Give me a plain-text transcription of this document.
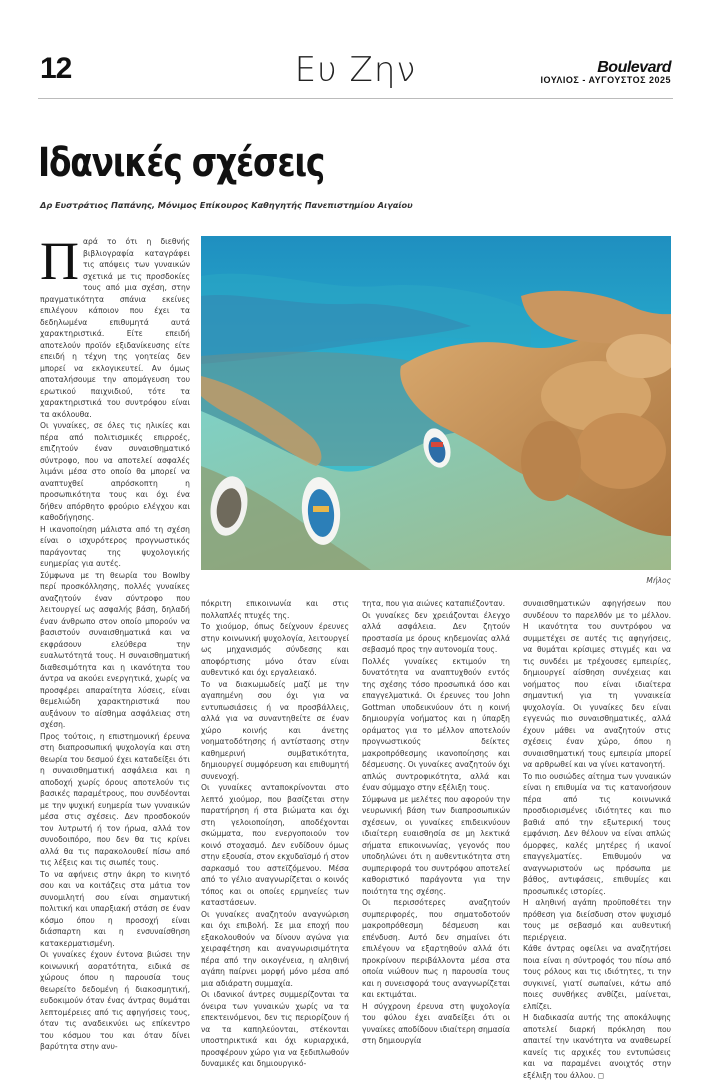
12	Eυ Ζην	Boulevard
ΙΟΥΛΙΟΣ - ΑΥΓΟΥΣΤΟΣ 2025
Ιδανικές σχέσεις
Δρ Ευστράτιος Παπάνης, Μόνιμος Επίκουρος Καθηγητής Πανεπιστημίου Αιγαίου
Μήλος
Π αρά το ότι η διεθνής βιβλιογραφία καταγράφει τις απόψεις των γυναικών σχετικά με τις προσδοκίες τους από μια σχέση, στην πραγματικότητα σπάνια εκείνες επιλέγουν κάποιον που έχει τα δεδηλωμένα επιθυμητά αυτά χαρακτηριστικά. Είτε επειδή αποτελούν προϊόν εξιδανίκευσης είτε επειδή η τέχνη της γοητείας δεν μπορεί να εκλογικευτεί. Αν όμως αποταλήσουμε την απομάγευση του ερωτικού παιχνιδιού, τότε τα χαρακτηριστικά του συντρόφου είναι τα ακόλουθα.

Οι γυναίκες, σε όλες τις ηλικίες και πέρα από πολιτισμικές επιρροές, επιζητούν έναν συναισθηματικό σύντροφο, που να αποτελεί ασφαλές λιμάνι μέσα στο οποίο θα μπορεί να αναπτυχθεί απρόσκοπτη η προσωπικότητα τους και όχι ένα δήθεν απόρθητο φρούριο ελέγχου και καθοδήγησης.

Η ικανοποίηση μάλιστα από τη σχέση είναι ο ισχυρότερος προγνωστικός παράγοντας της ψυχολογικής ευημερίας για αυτές.

Σύμφωνα με τη θεωρία του Bowlby περί προσκόλλησης, πολλές γυναίκες αναζητούν έναν σύντροφο που λειτουργεί ως ασφαλής βάση, δηλαδή έναν άνθρωπο στον οποίο μπορούν να βασιστούν συναισθηματικά και να εκφράσουν ελεύθερα την ευαλωτότητά τους. Η συναισθηματική διαθεσιμότητα και η ικανότητα του άντρα να ακούει ενεργητικά, χωρίς να προσφέρει απαραίτητα λύσεις, είναι θεμελιώδη χαρακτηριστικά που αυξάνουν το αίσθημα ασφάλειας στη σχέση.

Προς τούτοις, η επιστημονική έρευνα στη διαπροσωπική ψυχολογία και στη θεωρία του δεσμού έχει καταδείξει ότι η συναισθηματική ασφάλεια και η αποδοχή χωρίς όρους αποτελούν τις βασικές παραμέτρους, που συνδέονται με την ψυχική ευημερία των γυναικών μέσα στις σχέσεις. Δεν προσδοκούν τον λυτρωτή ή τον ήρωα, αλλά τον συνοδοιπόρο, που δεν θα τις κρίνει αλλά θα τις παρακολουθεί πίσω από τις λέξεις και τις σιωπές τους.

Το να αφήνεις στην άκρη το κινητό σου και να κοιτάζεις στα μάτια τον συνομιλητή σου είναι σημαντική πολιτική και υπαρξιακή στάση σε έναν κόσμο όπου η προσοχή είναι διάσπαρτη και η ενσυναίσθηση κατακερματισμένη.

Οι γυναίκες έχουν έντονα βιώσει την κοινωνική αορατότητα, ειδικά σε χώρους όπου η παρουσία τους θεωρείτο δεδομένη ή διακοσμητική, ευδοκιμούν όταν ένας άντρας θυμάται λεπτομέρειες από τις αφηγήσεις τους, όταν τις αναδεικνύει ως επίκεντρο του κόσμου του και όταν δίνει βαρύτητα στην ανυ-

πόκριτη επικοινωνία και στις πολλαπλές πτυχές της.

Το χιούμορ, όπως δείχνουν έρευνες στην κοινωνική ψυχολογία, λειτουργεί ως μηχανισμός σύνδεσης και αποφόρτισης μόνο όταν είναι αυθεντικό και όχι εργαλειακό.

Το να διακωμωδείς μαζί με την αγαπημένη σου όχι για να εντυπωσιάσεις ή να προσβάλλεις, αλλά για να συναντηθείτε σε έναν χώρο κοινής και άνετης νοηματοδότησης ή αντίστασης στην καθημερινή συμβατικότητα, δημιουργεί συμφόρευση και επιθυμητή συνενοχή.

Οι γυναίκες ανταποκρίνονται στο λεπτό χιούμορ, που βασίζεται στην παρατήρηση ή στα βιώματα και όχι στη γελοιοποίηση, αποδέχονται σκώμματα, που ενεργοποιούν τον κοινό στοχασμό. Δεν ενδίδουν όμως στην εξουσία, στον εκχυδαϊσμό ή στον σαρκασμό του αστεϊζόμενου. Μέσα από το γέλιο αναγνωρίζεται ο κοινός τόπος και οι οποίες ερμηνείες των καταστάσεων.

Οι γυναίκες αναζητούν αναγνώριση και όχι επιβολή. Σε μια εποχή που εξακολουθούν να δίνουν αγώνα για χειραφέτηση και αναγνωρισιμότητα πέρα από την οικογένεια, η αληθινή αγάπη παίρνει μορφή μόνο μέσα από μια αδιάρατη συμμαχία.

Οι ιδανικοί άντρες συμμερίζονται τα όνειρα των γυναικών χωρίς να τα επεκτεινόμενοι, δεν τις περιορίζουν ή να τα καπηλεύονται, στέκονται υποστηρικτικά και όχι κυριαρχικά, προσφέρουν χώρο για να ξεδιπλωθούν δυναμικές και δημιουργικό-

τητα, που για αιώνες καταπιέζονταν.

Οι γυναίκες δεν χρειάζονται έλεγχο αλλά ασφάλεια. Δεν ζητούν προστασία με όρους κηδεμονίας αλλά σεβασμό προς την αυτονομία τους.

Πολλές γυναίκες εκτιμούν τη δυνατότητα να αναπτυχθούν εντός της σχέσης τόσο προσωπικά όσο και επαγγελματικά. Οι έρευνες του John Gottman υποδεικνύουν ότι η κοινή δημιουργία νοήματος και η ύπαρξη οράματος για το μέλλον αποτελούν προγνωστικούς δείκτες μακροπρόθεσμης ικανοποίησης και δέσμευσης. Οι γυναίκες αναζητούν όχι απλώς συντροφικότητα, αλλά και έναν σύμμαχο στην εξέλιξη τους.

Σύμφωνα με μελέτες που αφορούν την νευρωνική βάση των διαπροσωπικών σχέσεων, οι γυναίκες επιδεικνύουν ιδιαίτερη ευαισθησία σε μη λεκτικά σήματα επικοινωνίας, γεγονός που υποδηλώνει ότι η αυθεντικότητα στη συμπεριφορά του συντρόφου αποτελεί καθοριστικό παράγοντα για την ποιότητα της σχέσης.

Οι περισσότερες αναζητούν συμπεριφορές, που σηματοδοτούν μακροπρόθεσμη δέσμευση και επένδυση. Αυτό δεν σημαίνει ότι επιλέγουν να εξαρτηθούν αλλά ότι προκρίνουν περιβάλλοντα μέσα στα οποία νιώθουν πως η παρουσία τους και η συνεισφορά τους αναγνωρίζεται και εκτιμάται.

Η σύγχρονη έρευνα στη ψυχολογία του φύλου έχει αναδείξει ότι οι γυναίκες αποδίδουν ιδιαίτερη σημασία στη δημιουργία

συναισθηματικών αφηγήσεων που συνδέουν το παρελθόν με το μέλλον. Η ικανότητα του συντρόφου να συμμετέχει σε αυτές τις αφηγήσεις, να θυμάται κρίσιμες στιγμές και να τις συνδέει με τρέχουσες εμπειρίες, δημιουργεί αίσθηση συνέχειας και νοήματος που είναι ιδιαίτερα σημαντική για τη γυναικεία ψυχολογία. Οι γυναίκες δεν είναι εγγενώς πιο συναισθηματικές, αλλά έχουν μάθει να αναζητούν στις σχέσεις έναν χώρο, όπου η συναισθηματική τους εμπειρία μπορεί να αρθρωθεί και να γίνει κατανοητή.

Το πιο ουσιώδες αίτημα των γυναικών είναι η επιθυμία να τις κατανοήσουν πέρα από τις κοινωνικά προσδιορισμένες ιδιότητες και πιο βαθιά από την εξωτερική τους εμφάνιση. Δεν θέλουν να είναι απλώς όμορφες, καλές μητέρες ή ικανοί επαγγελματίες. Επιθυμούν να αναγνωριστούν ως πρόσωπα με βάθος, αντιφάσεις, επιθυμίες και προσωπικές ιστορίες.

Η αληθινή αγάπη προϋποθέτει την πρόθεση για διείσδυση στον ψυχισμό τους με σεβασμό και αυθεντική περιέργεια.

Κάθε άντρας οφείλει να αναζητήσει ποια είναι η σύντροφός του πίσω από τους ρόλους και τις ιδιότητες, τι την συγκινεί, γιατί σωπαίνει, κάτω από ποιες συνθήκες ανθίζει, μαίνεται, ελπίζει.

Η διαδικασία αυτής της αποκάλυψης αποτελεί διαρκή πρόκληση που απαιτεί την ικανότητα να αναθεωρεί κανείς τις αρχικές του εντυπώσεις και να παραμένει ανοιχτός στην εξέλιξη του άλλου. ◻
